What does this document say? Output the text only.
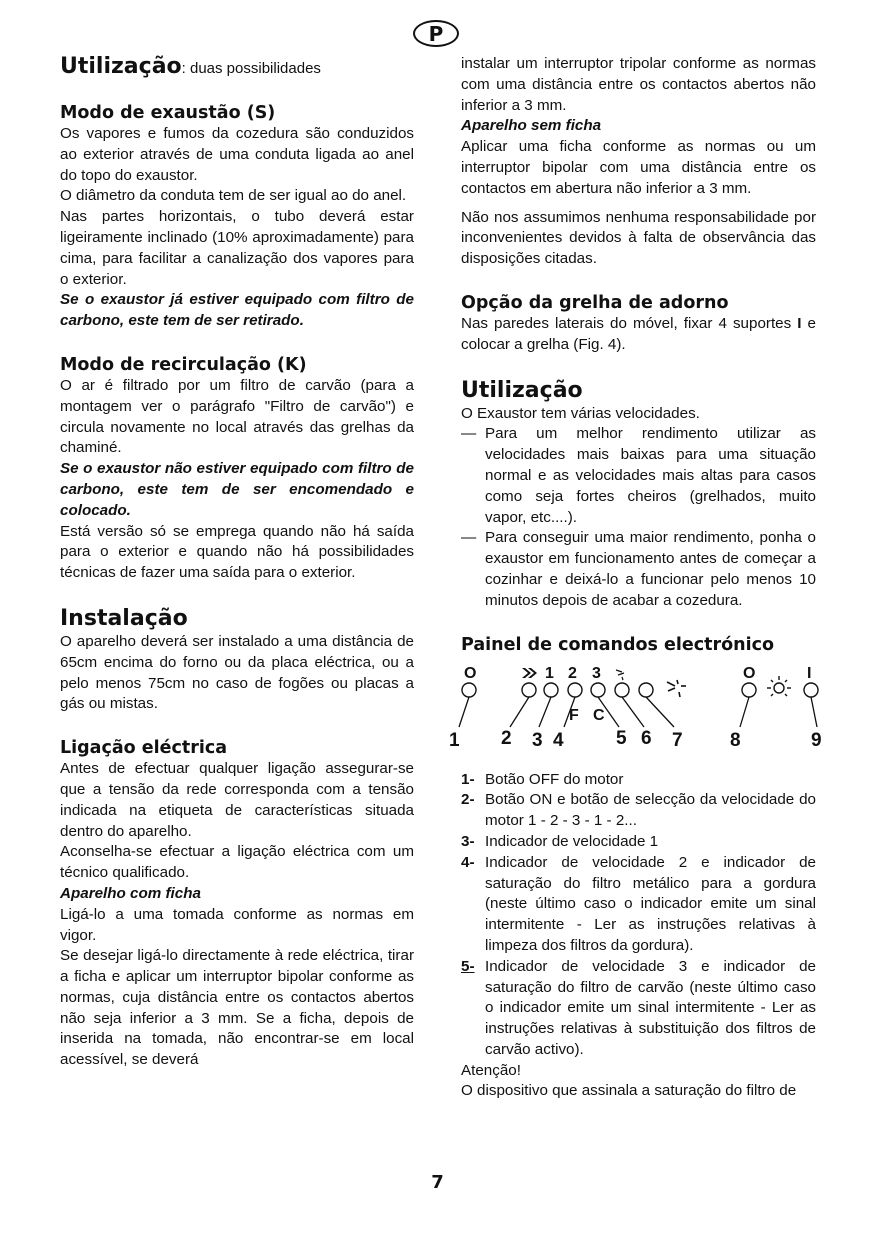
P
Utilização: duas possibilidades
Modo de exaustão (S)

Os vapores e fumos da cozedura são conduzidos ao exterior através de uma conduta ligada ao anel do topo do exaustor.

O diâmetro da conduta tem de ser igual ao do anel.

Nas partes horizontais, o tubo deverá estar ligeiramente inclinado (10% aproximadamente) para cima, para facilitar a canalização dos vapores para o exterior.

Se o exaustor já estiver equipado com filtro de carbono, este tem de ser retirado.

Modo de recirculação (K)

O ar é filtrado por um filtro de carvão (para a montagem ver o parágrafo "Filtro de carvão") e circula novamente no local através das grelhas da chaminé.

Se o exaustor não estiver equipado com filtro de carbono, este tem de ser encomendado e colocado.

Está versão só se emprega quando não há saída para o exterior e quando não há possibilidades técnicas de fazer uma saída para o exterior.

Instalação

O aparelho deverá ser instalado a uma distância de 65cm encima do forno ou da placa eléctrica, ou a pelo menos 75cm no caso de fogões ou placas a gás ou mistas.

Ligação eléctrica

Antes de efectuar qualquer ligação assegurar-se que a tensão da rede corresponda com a tensão indicada na etiqueta de características situada dentro do aparelho.

Aconselha-se efectuar a ligação eléctrica com um técnico qualificado.

Aparelho com ficha

Ligá-lo a uma tomada conforme as normas em vigor.

Se desejar ligá-lo directamente à rede eléctrica, tirar a ficha e aplicar um interruptor bipolar conforme as normas, cuja distância entre os contactos abertos não seja inferior a 3 mm. Se a ficha, depois de inserida na tomada, não encontrar-se em local acessível, se deverá

instalar um interruptor tripolar conforme as normas com uma distância entre os contactos abertos não inferior a 3 mm.

Aparelho sem ficha

Aplicar uma ficha conforme as normas ou um interruptor bipolar com uma distância entre os contactos em abertura não inferior a 3 mm.

Não nos assumimos nenhuma responsabilidade por inconvenientes devidos à falta de observância das disposições citadas.

Opção da grelha de adorno

Nas paredes laterais do móvel, fixar 4 suportes I e colocar a grelha (Fig. 4).

Utilização

O Exaustor tem várias velocidades.

— Para um melhor rendimento utilizar as velocidades mais baixas para uma situação normal e as velocidades mais altas para casos como seja fortes cheiros (grelhados, muito vapor, etc....).
— Para conseguir uma maior rendimento, ponha o exaustor em funcionamento antes de começar a cozinhar e deixá-lo a funcionar pelo menos 10 minutos depois de acabar a cozedura.
Painel de comandos electrónico
O	1 2 3	O	I
F C
1 2 3 4	5 6 7 8	9
1- Botão OFF do motor
2- Botão ON e botão de selecção da velocidade do motor 1 - 2 - 3 - 1 - 2...
3- Indicador de velocidade 1
4- Indicador de velocidade 2 e indicador de saturação do filtro metálico para a gordura (neste último caso o indicador emite um sinal intermitente - Ler as instruções relativas à limpeza dos filtros da gordura).
5- Indicador de velocidade 3 e indicador de saturação do filtro de carvão (neste último caso o indicador emite um sinal intermitente - Ler as instruções relativas à substituição dos filtros de carvão activo).

Atenção!

O dispositivo que assinala a saturação do filtro de

7
